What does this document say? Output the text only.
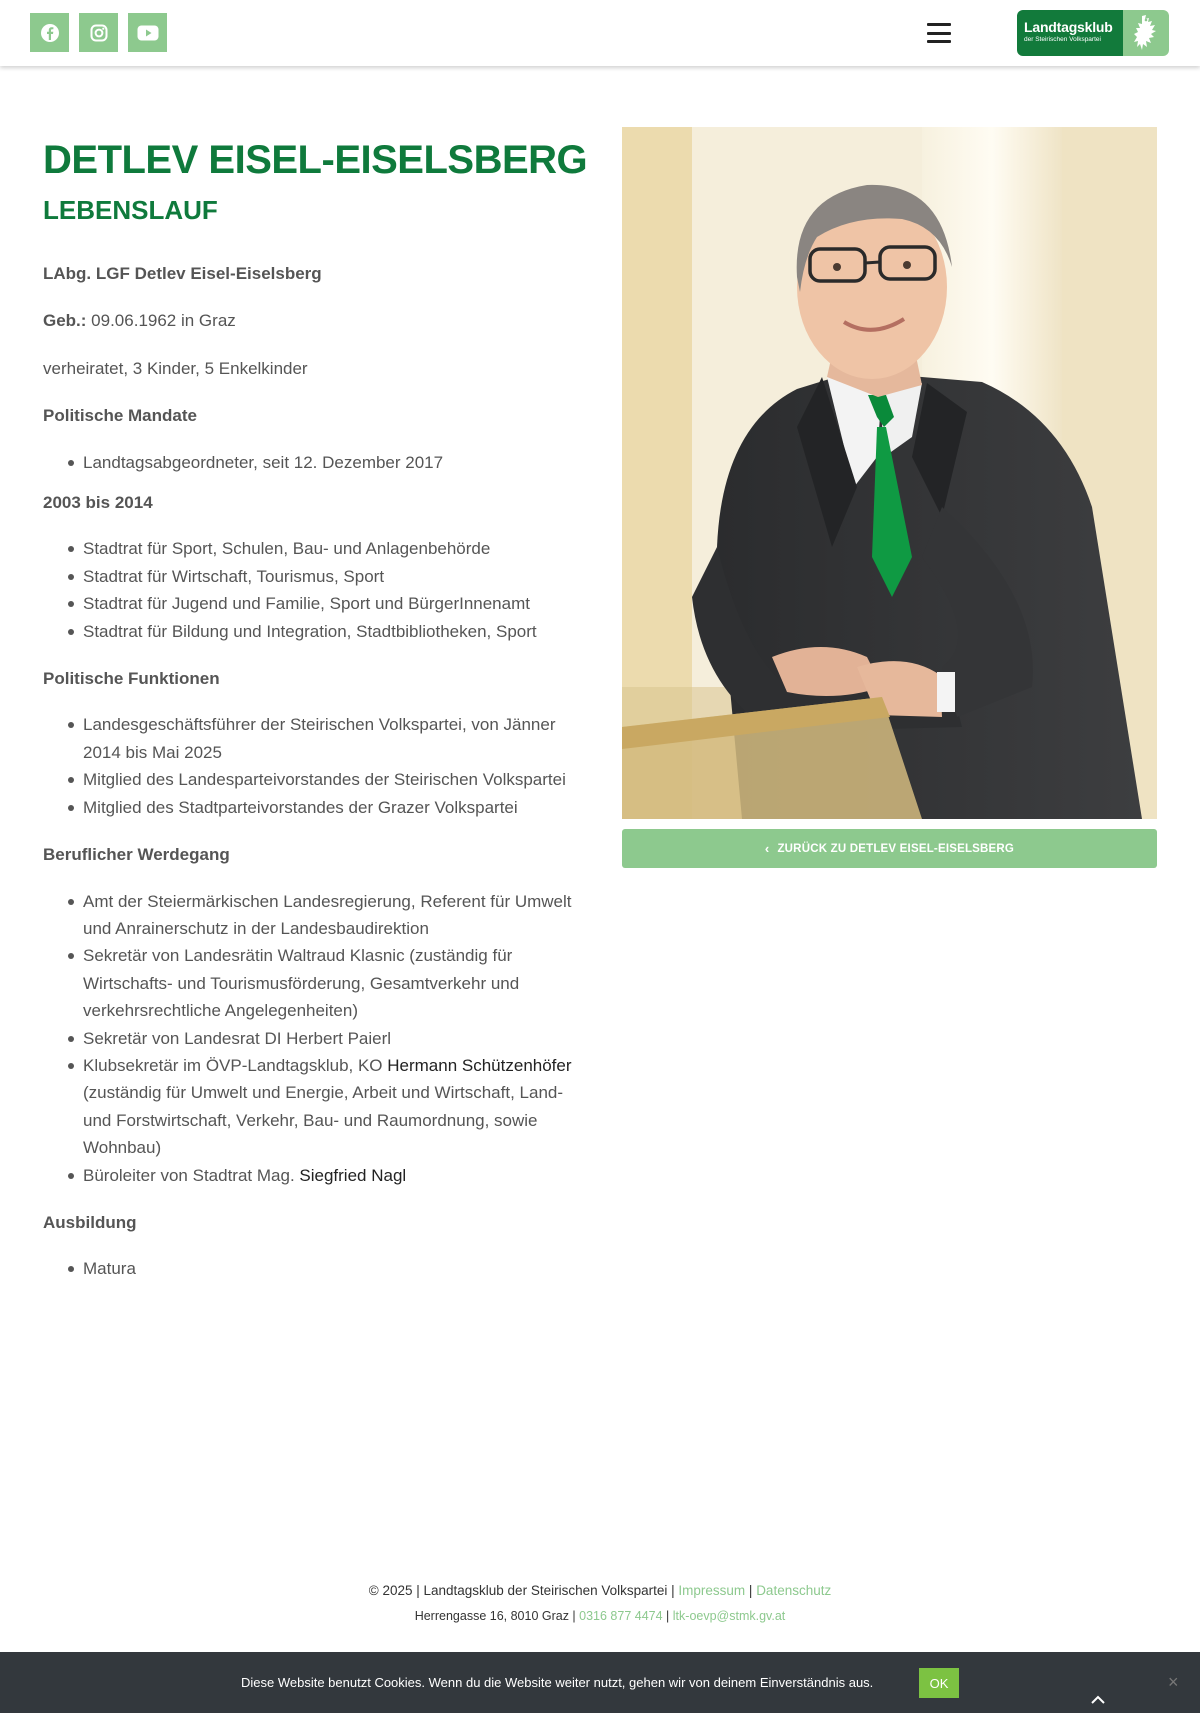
Landtagsklub
der Steirischen Volkspartei
DETLEV EISEL-EISELSBERG
LEBENSLAUF

LAbg. LGF Detlev Eisel-Eiselsberg

Geb.: 09.06.1962 in Graz

verheiratet, 3 Kinder, 5 Enkelkinder

Politische Mandate
Landtagsabgeordneter, seit 12. Dezember 2017
2003 bis 2014
Stadtrat für Sport, Schulen, Bau- und Anlagenbehörde
Stadtrat für Wirtschaft, Tourismus, Sport
Stadtrat für Jugend und Familie, Sport und BürgerInnenamt
Stadtrat für Bildung und Integration, Stadtbibliotheken, Sport
Politische Funktionen
Landesgeschäftsführer der Steirischen Volkspartei, von Jänner 2014 bis Mai 2025
Mitglied des Landesparteivorstandes der Steirischen Volkspartei
Mitglied des Stadtparteivorstandes der Grazer Volkspartei
Beruflicher Werdegang
Amt der Steiermärkischen Landesregierung, Referent für Umwelt und Anrainerschutz in der Landesbaudirektion
Sekretär von Landesrätin Waltraud Klasnic (zuständig für Wirtschafts- und Tourismusförderung, Gesamtverkehr und verkehrsrechtliche Angelegenheiten)
Sekretär von Landesrat DI Herbert Paierl
Klubsekretär im ÖVP-Landtagsklub, KO Hermann Schützenhöfer (zuständig für Umwelt und Energie, Arbeit und Wirtschaft, Land- und Forstwirtschaft, Verkehr, Bau- und Raumordnung, sowie Wohnbau)
Büroleiter von Stadtrat Mag. Siegfried Nagl
Ausbildung
Matura
‹ ZURÜCK ZU DETLEV EISEL-EISELSBERG
© 2025 | Landtagsklub der Steirischen Volkspartei | Impressum | Datenschutz
Herrengasse 16, 8010 Graz | 0316 877 4474 | ltk-oevp@stmk.gv.at
Diese Website benutzt Cookies. Wenn du die Website weiter nutzt, gehen wir von deinem Einverständnis aus.	OK	×
